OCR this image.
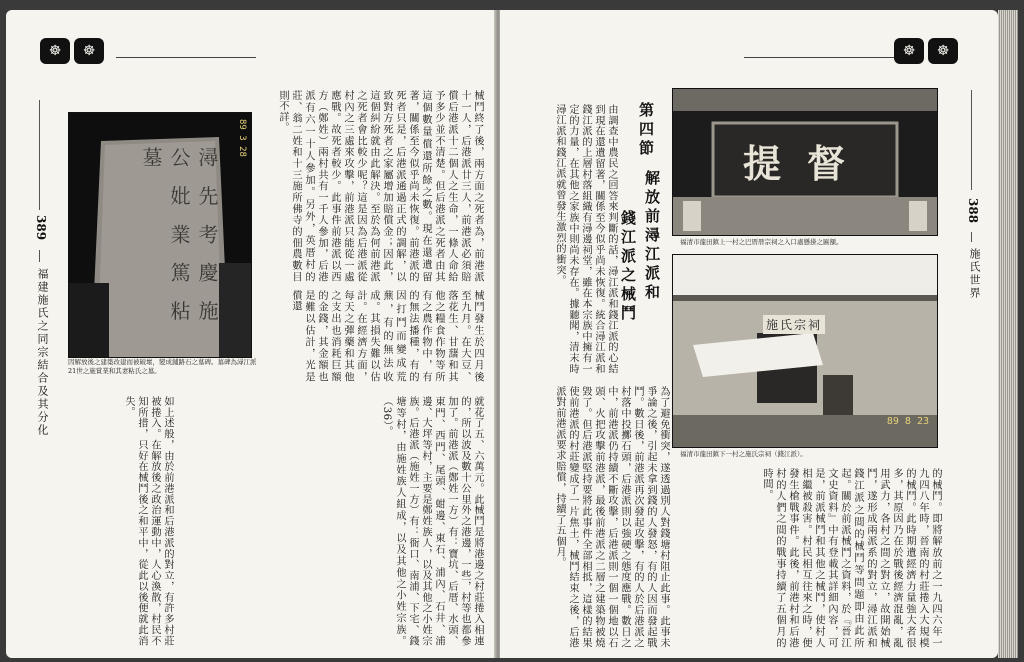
☸	☸
389
福建施氏之同宗結合及其分化
潯 先 考 慶 施 公 妣 業 篤 粘 墓
89 3 28
因解放後之建築改建而被破壞，變成鋪路石之墓碑。墓碑為潯江派21世之施賞業和其妻粘氏之墓。
械鬥終了後，兩方面之死者為，前港派十一人，后港派廿三人，前港派必須賠償后港派十二個人之生命，一條人命給予多少並不清楚。但后港派之死者由其這個數量償還所餘之數。現在還遺留著，關係至今似乎尚未恢復。前港派的死者只是，后港派通過正式的調解，以致對方死者之家屬增加賠償金；因此，這個糾紛就由此解決。至於為何前港派之死者會比較少呢？這是因為后港派從村內之三處來攻擊，前港派只能從一處應戰。故死者較少。此事件前港派以西方（鄭姓）兩村共有一千人參加，后港派有六一十人參加。另外，英厝村的莊、翁二姓和十三施所佛寺的佃農數目則不詳。
械鬥發生於四月後至九月。在大豆、落花生、甘藷和其他之糧食作物等所有之農作物中，有的無法播種，有的因打鬥而變成荒蕪，有的無法收成。其損失難以估計。在經濟方面，每天之彈藥和其他之支出也消耗巨額的金錢，其金額也是難以估計，光是償還
就花了五、六萬元。此械鬥是將港邊之村莊捲入相連的，所以波及數十公里外之港邊，一些，村等也都參加了。前港派（鄭姓一方）有：寶坑、后厝、水頭、東門、西門、尾頭、蚶邊、東石、浦內、石井、浦邊、大坪等村，主要是鄭姓族人，以及其他之小姓宗族。后港派（施姓一方）有：衙口、南浦、下宅、錢塘等村，由施姓族人組成，以及其他之小姓宗族。（36）。
如上述般，由於前港派和后港派的對立，有許多村莊被捲入。在解放後之政治運動中，人心渙散，村民不知所措，只好在械鬥後之和平中，從此以後便就此消失。
☸	☸
388
施氏世界
由調查中農民之回答來判斷的話，潯江派和錢江派的心結到現在還遺留著，關係至今似乎尚未恢復。統合潯江派和錢江派的上層村落組織有潯邊祠堂，雖在本宗族中擁有一定的力量，在其他之家族中則尚未存在。據聽聞，清末時潯江派和錢江派就曾發生激烈的衝突。	第四節
解放前潯江派和
錢江派之械鬥
提督
福清市龍田鎮上一村之巴厝厝宗祠之入口處懸掛之匾額。
施氏宗祠
89 8 23
福清市龍田鎮下一村之施氏宗祠（錢江派）。
為了避免衝突，遂透過別人對錢塘村阻止此事。此事未爭論之後，引起未拿到錢的人發怒，有的人因而發起戰鬥。數日後，前港派再次發起攻擊，有的人於后港派之村落中投擲石頭，后港派則以強硬之態度應戰。數日之中，前港派仍持續不斷攻擊，后港派則一個一個地以石頭、火把攻擊前港派，最後前港派之二層之建築物被燒毀了。但后港派堅持要將此事件全部相抵，這樣的結果使前港派的村莊變成了一片焦土，械鬥結束之後，后港派對前港派要求賠償，持續了五個月。	的械鬥。即將解放前之一九四六年一九四八年時，晉南的村莊捲入大規模的械鬥。此時期遺經濟力量強大者很多，其原因乃在於戰後經濟混亂，亂用武力，各村之間之對立，故開始械鬥，遂形成兩派系的對立，潯江派和錢江派之間的械鬥等問題即由此所起。關於前派械鬥之資料，於『晉江文史資料』中有登載其詳細內容，可是，前派械鬥和其他之械鬥，使村人相繼被殺害。村民相互往來之時，便發生槍戰事件。此後，前港村和后港村的人們之間的戰事持續了五個月的時間。
